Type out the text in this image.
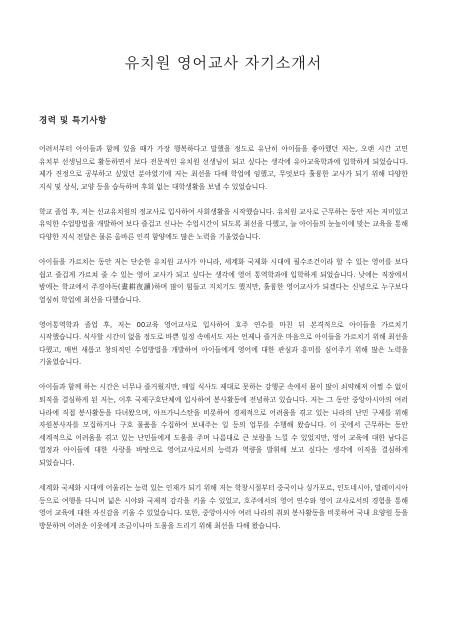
유치원 영어교사 자기소개서
경력 및 특기사항

어려서부터 아이들과 함께 있을 때가 가장 행복하다고 말했을 정도로 유난히 아이들을 좋아했던 저는, 오랜 시간 고민 유치부 선생님으로 활동하면서 보다 전문적인 유치원 선생님이 되고 싶다는 생각에 유아교육학과에 입학하게 되었습니다. 제가 진정으로 공부하고 싶었던 분야였기에 저는 최선을 다해 학업에 임했고, 무엇보다 훌륭한 교사가 되기 위해 다양한 지식 및 상식, 교양 등을 습득하며 후회 없는 대학생활을 보낼 수 있었습니다.

학교 졸업 후, 저는 선교유치원의 정교사로 입사하여 사회생활을 시작했습니다. 유치원 교사로 근무하는 동안 저는 저미있고 유익한 수업방법을 개발하여 보다 즐겁고 신나는 수업시간이 되도록 최선을 다했고, 늘 아이들의 눈높이에 맞는 교육을 통해 다양한 지식 전달은 물론 올바른 인격 함양에도 많은 노력을 기울였습니다.

아이들을 가르치는 동안 저는 단순한 유치원 교사가 아니라, 세계화 국제화 시대에 필수조건이라 할 수 있는 영어를 보다 쉽고 즐겁게 가르쳐 줄 수 있는 영어 교사가 되고 싶다는 생각에 영어 통역학과에 입학하게 되었습니다. 낮에는 직장에서 밤에는 학교에서 주경야독(晝耕夜讀)하며 많이 힘들고 지치기도 했지만, 훌륭한 영어교사가 되겠다는 신념으로 누구보다 열심히 학업에 최선을 다했습니다.

영어통역학과 졸업 후, 저는 00교육 영어교사로 입사하여 호주 연수를 마친 뒤 본격적으로 아이들을 가르치기 시작했습니다. 식사할 시간이 없을 정도로 바쁜 일정 속에서도 저는 언제나 즐거운 마음으로 아이들을 가르치기 위해 최선을 다했고, 매번 새롭고 창의적인 수업방법을 개발하여 아이들에게 영어에 대한 관심과 흥미를 심어주기 위해 많은 노력을 기울였습니다.

아이들과 함께 하는 시간은 너무나 즐거웠지만, 매일 식사도 제대로 못하는 강행군 속에서 몸이 많이 쇠약해져 어쩔 수 없이 퇴직을 결심하게 된 저는, 이후 국제구호단체에 입사하여 봉사활동에 전념하고 있습니다. 저는 그 동안 중앙아시아의 여러 나라에 직접 봉사활동을 다녀왔으며, 아프가니스탄을 비롯하여 경제적으로 어려움을 겪고 있는 나라의 난민 구제를 위해 자원봉사자를 모집하거나 구호 물품을 수집하여 보내주는 일 등의 업무를 수행해 왔습니다. 이 곳에서 근무하는 동안 세계적으로 어려움을 겪고 있는 난민들에게 도움을 주며 나름대로 큰 보람을 느낄 수 있었지만, 영어 교육에 대한 남다른 열정과 아이들에 대한 사랑을 바탕으로 영어교사로서의 능력과 역량을 발휘해 보고 싶다는 생각에 이직을 결심하게 되었습니다.

세계화 국제화 시대에 어울리는 능력 있는 인재가 되기 위해 저는 학창시절부터 중국이나 싱가포르, 인도네시아, 말레이시아 등으로 여행을 다니며 넓은 시야와 국제적 감각을 키울 수 있었고, 호주에서의 영어 연수와 영어 교사로서의 경험을 통해 영어 교육에 대한 자신감을 키울 수 있었습니다. 또한, 중앙아시아 여러 나라의 취외 봉사활동을 비롯하여 국내 요양원 등을 방문하며 어려운 이웃에게 조금이나마 도움을 드리기 위해 최선을 다해 왔습니다.
